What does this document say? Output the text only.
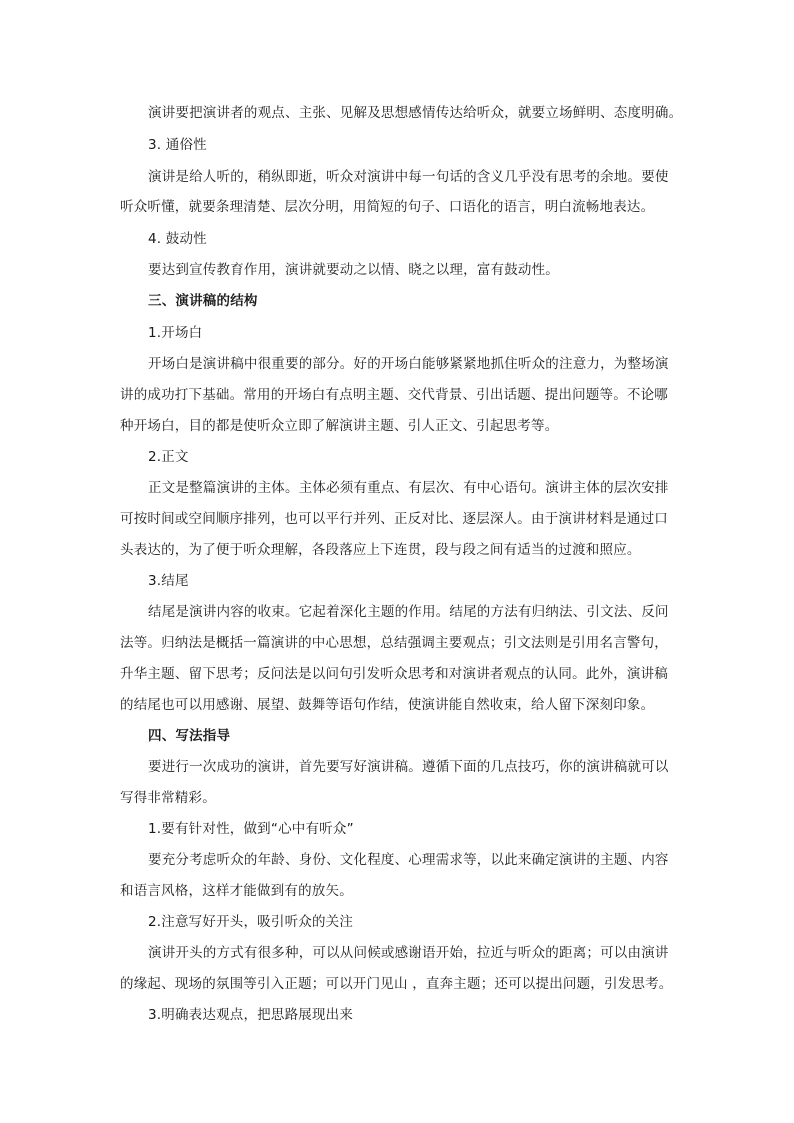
演讲要把演讲者的观点、主张、见解及思想感情传达给听众，就要立场鲜明、态度明确。
3. 通俗性
演讲是给人听的，稍纵即逝，听众对演讲中每一句话的含义几乎没有思考的余地。要使
听众听懂，就要条理清楚、层次分明，用简短的句子、口语化的语言，明白流畅地表达。
4. 鼓动性
要达到宣传教育作用，演讲就要动之以情、晓之以理，富有鼓动性。
三、演讲稿的结构
1.开场白
开场白是演讲稿中很重要的部分。好的开场白能够紧紧地抓住听众的注意力，为整场演
讲的成功打下基础。常用的开场白有点明主题、交代背景、引出话题、提出问题等。不论哪
种开场白，目的都是使听众立即了解演讲主题、引人正文、引起思考等。
2.正文
正文是整篇演讲的主体。主体必须有重点、有层次、有中心语句。演讲主体的层次安排
可按时间或空间顺序排列，也可以平行并列、正反对比、逐层深人。由于演讲材料是通过口
头表达的，为了便于听众理解，各段落应上下连贯，段与段之间有适当的过渡和照应。
3.结尾
结尾是演讲内容的收束。它起着深化主题的作用。结尾的方法有归纳法、引文法、反问
法等。归纳法是概括一篇演讲的中心思想，总结强调主要观点；引文法则是引用名言警句，
升华主题、留下思考；反问法是以问句引发听众思考和对演讲者观点的认同。此外，演讲稿
的结尾也可以用感谢、展望、鼓舞等语句作结，使演讲能自然收束，给人留下深刻印象。
四、写法指导
要进行一次成功的演讲，首先要写好演讲稿。遵循下面的几点技巧，你的演讲稿就可以
写得非常精彩。
1.要有针对性，做到“心中有听众”
要充分考虑听众的年龄、身份、文化程度、心理需求等，以此来确定演讲的主题、内容
和语言风格，这样才能做到有的放矢。
2.注意写好开头，吸引听众的关注
演讲开头的方式有很多种，可以从问候或感谢语开始，拉近与听众的距离；可以由演讲
的缘起、现场的氛围等引入正题；可以开门见山 ，直奔主题；还可以提出问题，引发思考。
3.明确表达观点，把思路展现出来
